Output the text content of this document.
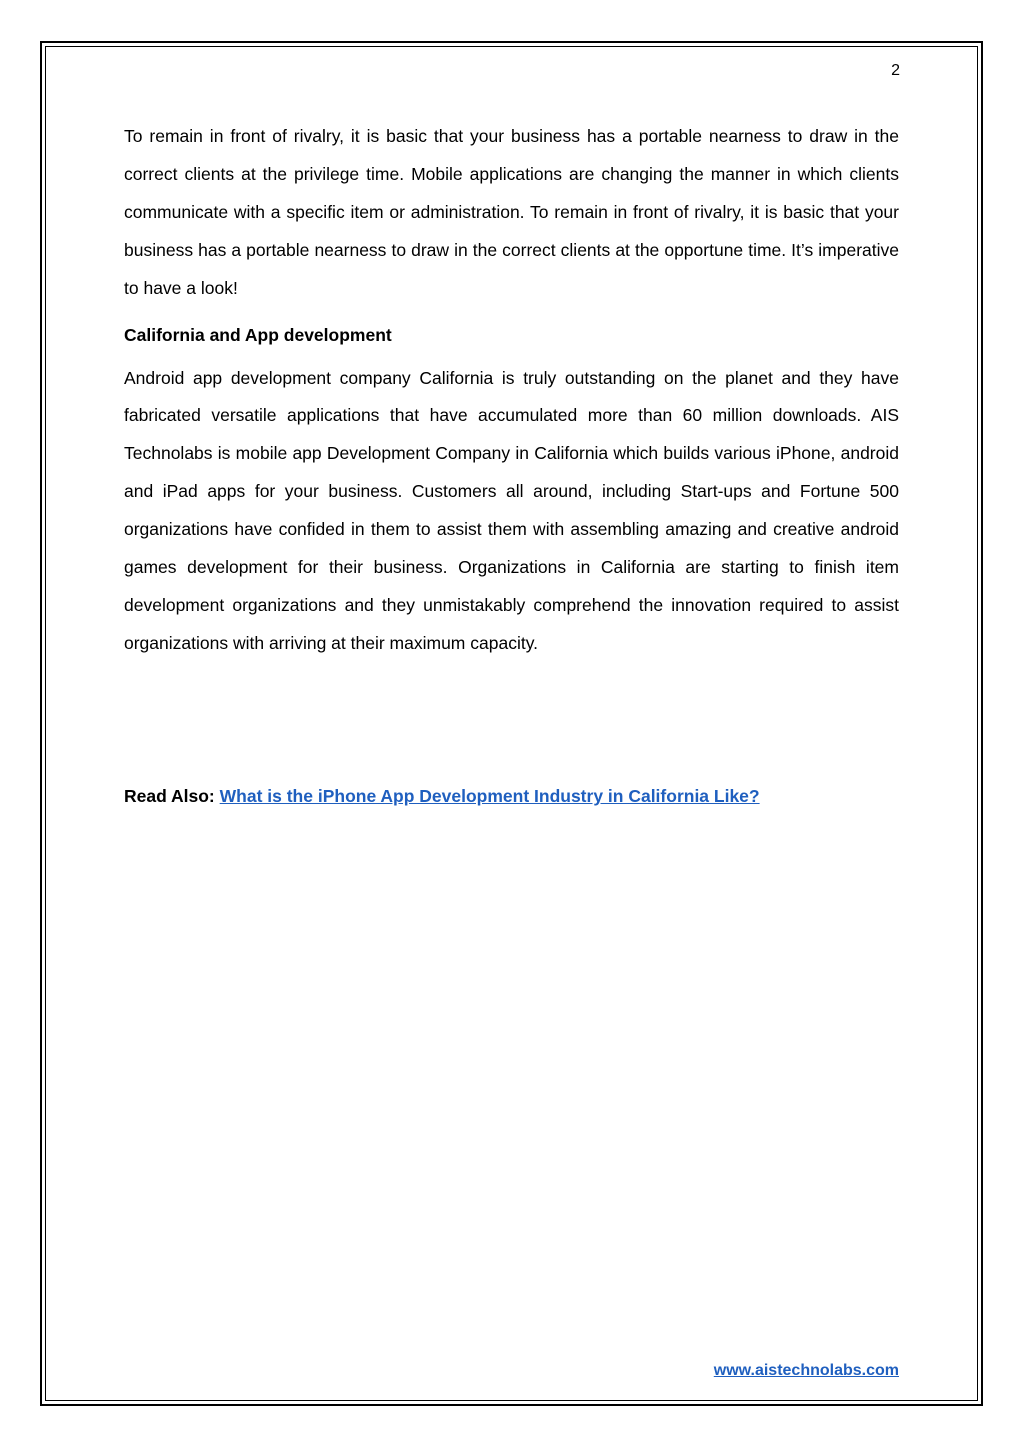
2

To remain in front of rivalry, it is basic that your business has a portable nearness to draw in the correct clients at the privilege time. Mobile applications are changing the manner in which clients communicate with a specific item or administration. To remain in front of rivalry, it is basic that your business has a portable nearness to draw in the correct clients at the opportune time. It’s imperative to have a look!

California and App development

Android app development company California is truly outstanding on the planet and they have fabricated versatile applications that have accumulated more than 60 million downloads. AIS Technolabs is mobile app Development Company in California which builds various iPhone, android and iPad apps for your business. Customers all around, including Start-ups and Fortune 500 organizations have confided in them to assist them with assembling amazing and creative android games development for their business. Organizations in California are starting to finish item development organizations and they unmistakably comprehend the innovation required to assist organizations with arriving at their maximum capacity.

Read Also: What is the iPhone App Development Industry in California Like?
www.aistechnolabs.com
